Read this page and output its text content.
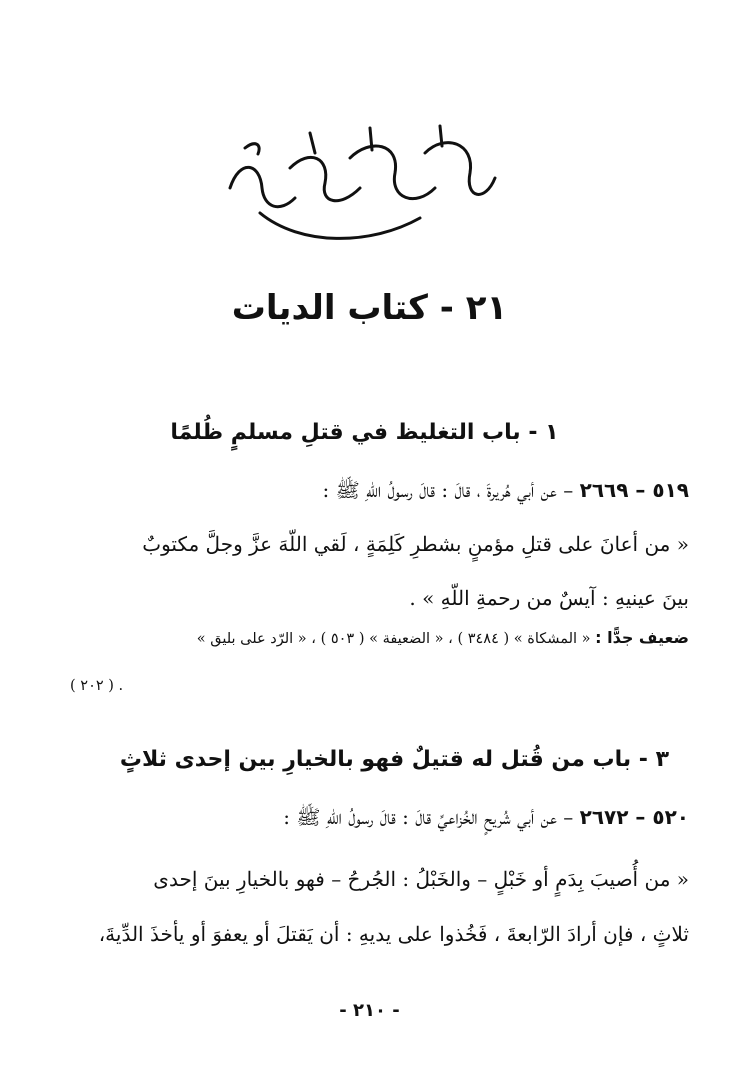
٢١ - كتاب الديات
١ - باب التغليظ في قتلِ مسلمٍ ظُلمًا
٥١٩ – ٢٦٦٩ – عن أبي هُريرةَ ، قالَ : قالَ رسولُ اللّهِ ﷺ :
« من أعانَ على قتلِ مؤمنٍ بشطرِ كَلِمَةٍ ، لَقي اللّهَ عزَّ وجلَّ مكتوبٌ
بينَ عينيهِ : آيسٌ من رحمةِ اللّهِ » .
ضعيف جدًّا : « المشكاة » ( ٣٤٨٤ ) ، « الضعيفة » ( ٥٠٣ ) ، « الرّد على بليق »
. ( ٢٠٢ )
٣ - باب من قُتل له قتيلٌ فهو بالخيارِ بين إحدى ثلاثٍ
٥٢٠ – ٢٦٧٢ – عن أبي شُريحٍ الخُزاعيِّ قالَ : قالَ رسولُ اللّهِ ﷺ :
« من أُصيبَ بِدَمٍ أو خَبْلٍ – والخَبْلُ : الجُرحُ – فهو بالخيارِ بينَ إحدى
ثلاثٍ ، فإن أرادَ الرّابعةَ ، فَخُذوا على يديهِ : أن يَقتلَ أو يعفوَ أو يأخذَ الدِّيةَ،
- ٢١٠ -
